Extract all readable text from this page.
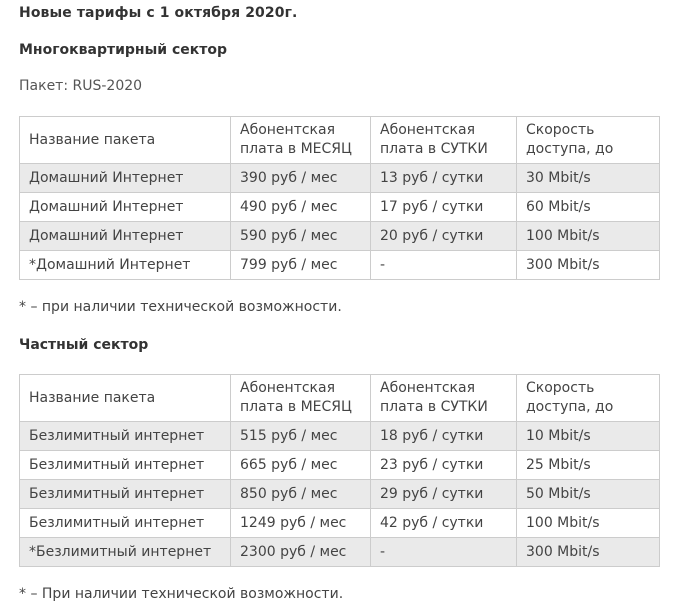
Новые тарифы с 1 октября 2020г.
Многоквартирный сектор
Пакет: RUS-2020
Название пакета	Абонентская плата в МЕСЯЦ	Абонентская плата в СУТКИ	Скорость доступа, до
Домашний Интернет	390 руб / мес	13 руб / сутки	30 Mbit/s
Домашний Интернет	490 руб / мес	17 руб / сутки	60 Mbit/s
Домашний Интернет	590 руб / мес	20 руб / сутки	100 Mbit/s
*Домашний Интернет	799 руб / мес	-	300 Mbit/s
* – при наличии технической возможности.
Частный сектор
Название пакета	Абонентская плата в МЕСЯЦ	Абонентская плата в СУТКИ	Скорость доступа, до
Безлимитный интернет	515 руб / мес	18 руб / сутки	10 Mbit/s
Безлимитный интернет	665 руб / мес	23 руб / сутки	25 Mbit/s
Безлимитный интернет	850 руб / мес	29 руб / сутки	50 Mbit/s
Безлимитный интернет	1249 руб / мес	42 руб / сутки	100 Mbit/s
*Безлимитный интернет	2300 руб / мес	-	300 Mbit/s
* – При наличии технической возможности.
